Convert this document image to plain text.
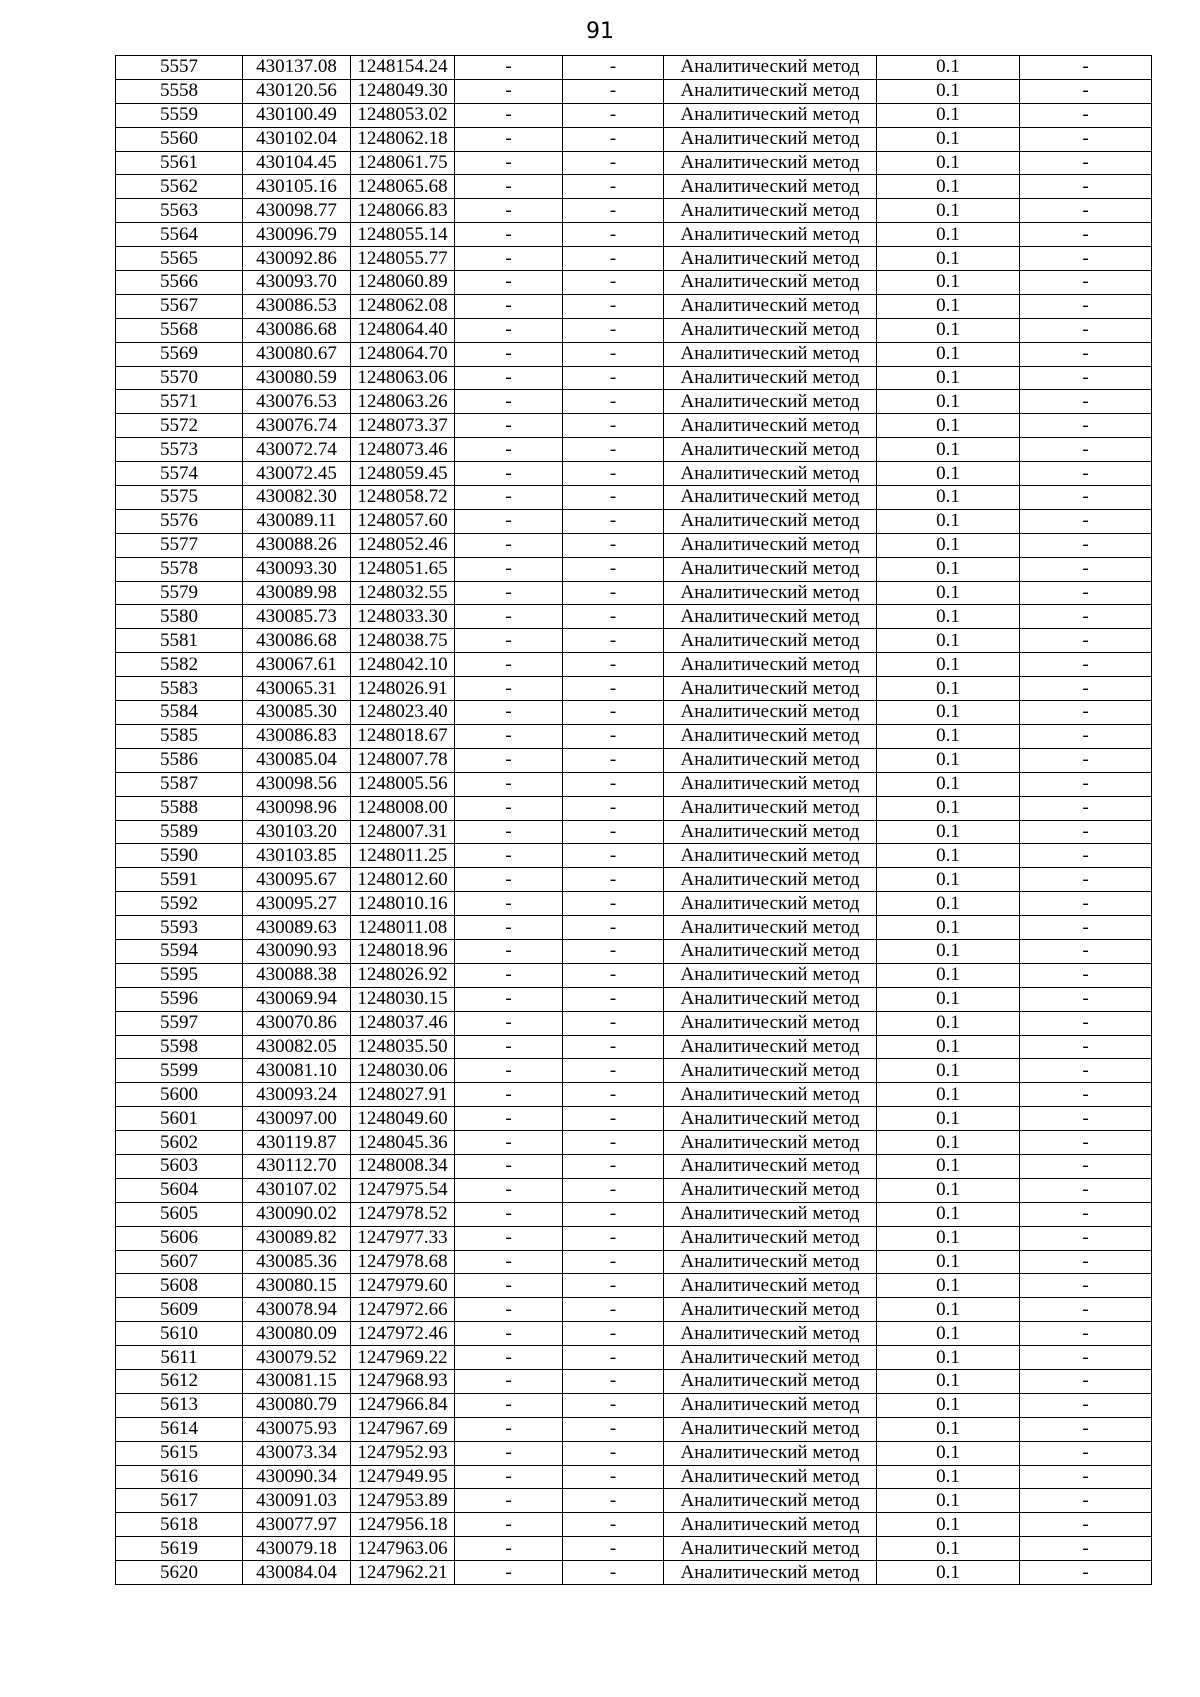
91
5557	430137.08	1248154.24	-	-	Аналитический метод	0.1	-
5558	430120.56	1248049.30	-	-	Аналитический метод	0.1	-
5559	430100.49	1248053.02	-	-	Аналитический метод	0.1	-
5560	430102.04	1248062.18	-	-	Аналитический метод	0.1	-
5561	430104.45	1248061.75	-	-	Аналитический метод	0.1	-
5562	430105.16	1248065.68	-	-	Аналитический метод	0.1	-
5563	430098.77	1248066.83	-	-	Аналитический метод	0.1	-
5564	430096.79	1248055.14	-	-	Аналитический метод	0.1	-
5565	430092.86	1248055.77	-	-	Аналитический метод	0.1	-
5566	430093.70	1248060.89	-	-	Аналитический метод	0.1	-
5567	430086.53	1248062.08	-	-	Аналитический метод	0.1	-
5568	430086.68	1248064.40	-	-	Аналитический метод	0.1	-
5569	430080.67	1248064.70	-	-	Аналитический метод	0.1	-
5570	430080.59	1248063.06	-	-	Аналитический метод	0.1	-
5571	430076.53	1248063.26	-	-	Аналитический метод	0.1	-
5572	430076.74	1248073.37	-	-	Аналитический метод	0.1	-
5573	430072.74	1248073.46	-	-	Аналитический метод	0.1	-
5574	430072.45	1248059.45	-	-	Аналитический метод	0.1	-
5575	430082.30	1248058.72	-	-	Аналитический метод	0.1	-
5576	430089.11	1248057.60	-	-	Аналитический метод	0.1	-
5577	430088.26	1248052.46	-	-	Аналитический метод	0.1	-
5578	430093.30	1248051.65	-	-	Аналитический метод	0.1	-
5579	430089.98	1248032.55	-	-	Аналитический метод	0.1	-
5580	430085.73	1248033.30	-	-	Аналитический метод	0.1	-
5581	430086.68	1248038.75	-	-	Аналитический метод	0.1	-
5582	430067.61	1248042.10	-	-	Аналитический метод	0.1	-
5583	430065.31	1248026.91	-	-	Аналитический метод	0.1	-
5584	430085.30	1248023.40	-	-	Аналитический метод	0.1	-
5585	430086.83	1248018.67	-	-	Аналитический метод	0.1	-
5586	430085.04	1248007.78	-	-	Аналитический метод	0.1	-
5587	430098.56	1248005.56	-	-	Аналитический метод	0.1	-
5588	430098.96	1248008.00	-	-	Аналитический метод	0.1	-
5589	430103.20	1248007.31	-	-	Аналитический метод	0.1	-
5590	430103.85	1248011.25	-	-	Аналитический метод	0.1	-
5591	430095.67	1248012.60	-	-	Аналитический метод	0.1	-
5592	430095.27	1248010.16	-	-	Аналитический метод	0.1	-
5593	430089.63	1248011.08	-	-	Аналитический метод	0.1	-
5594	430090.93	1248018.96	-	-	Аналитический метод	0.1	-
5595	430088.38	1248026.92	-	-	Аналитический метод	0.1	-
5596	430069.94	1248030.15	-	-	Аналитический метод	0.1	-
5597	430070.86	1248037.46	-	-	Аналитический метод	0.1	-
5598	430082.05	1248035.50	-	-	Аналитический метод	0.1	-
5599	430081.10	1248030.06	-	-	Аналитический метод	0.1	-
5600	430093.24	1248027.91	-	-	Аналитический метод	0.1	-
5601	430097.00	1248049.60	-	-	Аналитический метод	0.1	-
5602	430119.87	1248045.36	-	-	Аналитический метод	0.1	-
5603	430112.70	1248008.34	-	-	Аналитический метод	0.1	-
5604	430107.02	1247975.54	-	-	Аналитический метод	0.1	-
5605	430090.02	1247978.52	-	-	Аналитический метод	0.1	-
5606	430089.82	1247977.33	-	-	Аналитический метод	0.1	-
5607	430085.36	1247978.68	-	-	Аналитический метод	0.1	-
5608	430080.15	1247979.60	-	-	Аналитический метод	0.1	-
5609	430078.94	1247972.66	-	-	Аналитический метод	0.1	-
5610	430080.09	1247972.46	-	-	Аналитический метод	0.1	-
5611	430079.52	1247969.22	-	-	Аналитический метод	0.1	-
5612	430081.15	1247968.93	-	-	Аналитический метод	0.1	-
5613	430080.79	1247966.84	-	-	Аналитический метод	0.1	-
5614	430075.93	1247967.69	-	-	Аналитический метод	0.1	-
5615	430073.34	1247952.93	-	-	Аналитический метод	0.1	-
5616	430090.34	1247949.95	-	-	Аналитический метод	0.1	-
5617	430091.03	1247953.89	-	-	Аналитический метод	0.1	-
5618	430077.97	1247956.18	-	-	Аналитический метод	0.1	-
5619	430079.18	1247963.06	-	-	Аналитический метод	0.1	-
5620	430084.04	1247962.21	-	-	Аналитический метод	0.1	-
